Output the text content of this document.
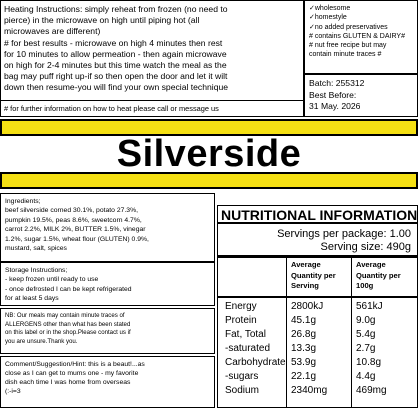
Heating Instructions: simply reheat from frozen (no need to
pierce) in the microwave on high until piping hot (all
microwaves are different)
# for best results - microwave on high 4 minutes then rest
for 10 minutes to allow permeation - then again microwave
on high for 2-4 minutes but this time watch the meal as the
bag may puff right up-if so then open the door and let it wilt
down then resume-you will find your own special technique
# for further information on how to heat please call or message us
✓wholesome
✓homestyle
✓no added preservatives
# contains GLUTEN & DAIRY#
# nut free recipe but may
contain minute traces #
Batch: 255312
Best Before:
31 May. 2026
Silverside
Ingredients;
beef silverside corned 30.1%, potato 27.3%,
pumpkin 19.5%, peas 8.6%, sweetcorn 4.7%,
carrot 2.2%, MILK 2%, BUTTER 1.5%, vinegar
1.2%, sugar 1.5%, wheat flour (GLUTEN) 0.9%,
mustard, salt, spices
Storage Instructions;
- keep frozen until ready to use
- once defrosted I can be kept refrigerated
for at least 5 days
NB: Our meals may contain minute traces of
ALLERGENS other than what has been stated
on this label or in the shop.Please contact us if
you are unsure.Thank you.
Comment/Suggestion/Hint: this is a beaut!...as
close as I can get to mums one - my favorite
dish each time I was home from overseas
(:-i=3
NUTRITIONAL INFORMATION
Servings per package: 1.00
Serving size: 490g
Average
Quantity per
Serving
Average
Quantity per
100g
Energy	2800kJ	561kJ
Protein	45.1g	9.0g
Fat, Total	26.8g	5.4g
-saturated 13.3g	2.7g
Carbohydrate 53.9g	10.8g
-sugars	22.1g	4.4g
Sodium	2340mg	469mg
